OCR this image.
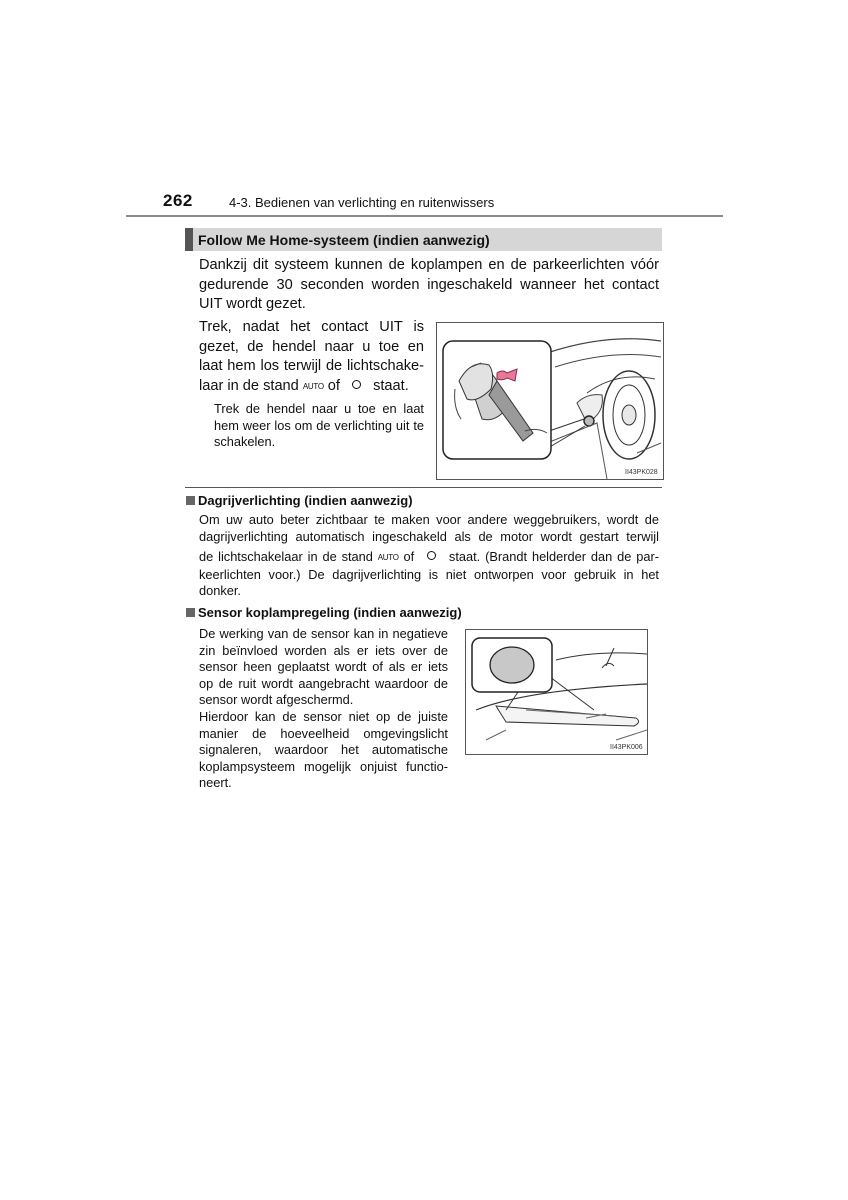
262	4-3. Bedienen van verlichting en ruitenwissers
Follow Me Home-systeem (indien aanwezig)
Dankzij dit systeem kunnen de koplampen en de parkeerlichten vóór gedurende 30 seconden worden ingeschakeld wanneer het contact UIT wordt gezet.
Trek, nadat het contact UIT is
gezet, de hendel naar u toe en
laat hem los terwijl de lichtschake-
laar in de stand AUTO of  staat.
Trek de hendel naar u toe en laat hem weer los om de verlichting uit te schakelen.
II43PK028
Dagrijverlichting (indien aanwezig)
Om uw auto beter zichtbaar te maken voor andere weggebruikers, wordt de
dagrijverlichting automatisch ingeschakeld als de motor wordt gestart terwijl
de lichtschakelaar in de stand AUTO of  staat. (Brandt helderder dan de par-
keerlichten voor.) De dagrijverlichting is niet ontworpen voor gebruik in het
donker.
Sensor koplampregeling (indien aanwezig)
De werking van de sensor kan in negatieve zin beïnvloed worden als er iets over de sensor heen geplaatst wordt of als er iets op de ruit wordt aangebracht waardoor de sensor wordt afgeschermd.
Hierdoor kan de sensor niet op de juiste manier de hoeveelheid omgevingslicht signaleren, waardoor het automatische koplampsysteem mogelijk onjuist functioneert.
II43PK006
